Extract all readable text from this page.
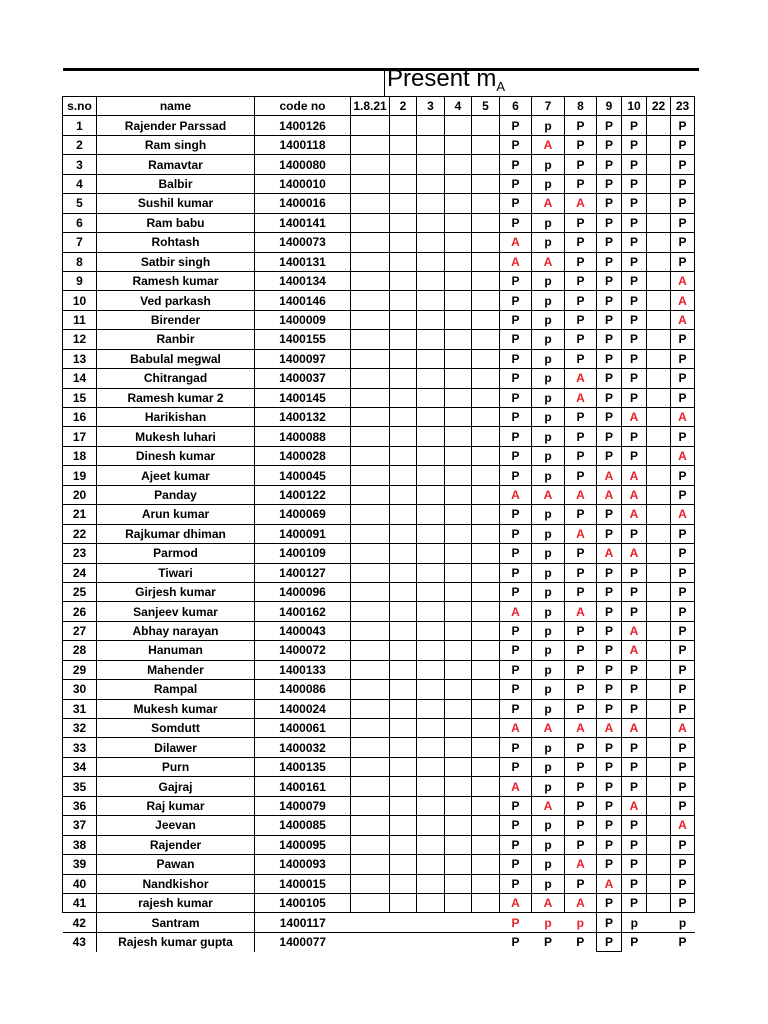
Present $m_A$
s.no	name	code no	1.8.21	2	3	4	5	6	7	8	9	10	22	23
1	Rajender Parssad	1400126						P	p	P	P	P		P
2	Ram singh	1400118						P	A	P	P	P		P
3	Ramavtar	1400080						P	p	P	P	P		P
4	Balbir	1400010						P	p	P	P	P		P
5	Sushil kumar	1400016						P	A	A	P	P		P
6	Ram babu	1400141						P	p	P	P	P		P
7	Rohtash	1400073						A	p	P	P	P		P
8	Satbir singh	1400131						A	A	P	P	P		P
9	Ramesh kumar	1400134						P	p	P	P	P		A
10	Ved parkash	1400146						P	p	P	P	P		A
11	Birender	1400009						P	p	P	P	P		A
12	Ranbir	1400155						P	p	P	P	P		P
13	Babulal megwal	1400097						P	p	P	P	P		P
14	Chitrangad	1400037						P	p	A	P	P		P
15	Ramesh kumar 2	1400145						P	p	A	P	P		P
16	Harikishan	1400132						P	p	P	P	A		A
17	Mukesh luhari	1400088						P	p	P	P	P		P
18	Dinesh kumar	1400028						P	p	P	P	P		A
19	Ajeet kumar	1400045						P	p	P	A	A		P
20	Panday	1400122						A	A	A	A	A		P
21	Arun kumar	1400069						P	p	P	P	A		A
22	Rajkumar dhiman	1400091						P	p	A	P	P		P
23	Parmod	1400109						P	p	P	A	A		P
24	Tiwari	1400127						P	p	P	P	P		P
25	Girjesh kumar	1400096						P	p	P	P	P		P
26	Sanjeev kumar	1400162						A	p	A	P	P		P
27	Abhay narayan	1400043						P	p	P	P	A		P
28	Hanuman	1400072						P	p	P	P	A		P
29	Mahender	1400133						P	p	P	P	P		P
30	Rampal	1400086						P	p	P	P	P		P
31	Mukesh kumar	1400024						P	p	P	P	P		P
32	Somdutt	1400061						A	A	A	A	A		A
33	Dilawer	1400032						P	p	P	P	P		P
34	Purn	1400135						P	p	P	P	P		P
35	Gajraj	1400161						A	p	P	P	P		P
36	Raj kumar	1400079						P	A	P	P	A		P
37	Jeevan	1400085						P	p	P	P	P		A
38	Rajender	1400095						P	p	P	P	P		P
39	Pawan	1400093						P	p	A	P	P		P
40	Nandkishor	1400015						P	p	P	A	P		P
41	rajesh kumar	1400105						A	A	A	P	P		P
42	Santram	1400117						P	p	p	P	p		p
43	Rajesh kumar gupta	1400077						P	P	P	P	P		P
